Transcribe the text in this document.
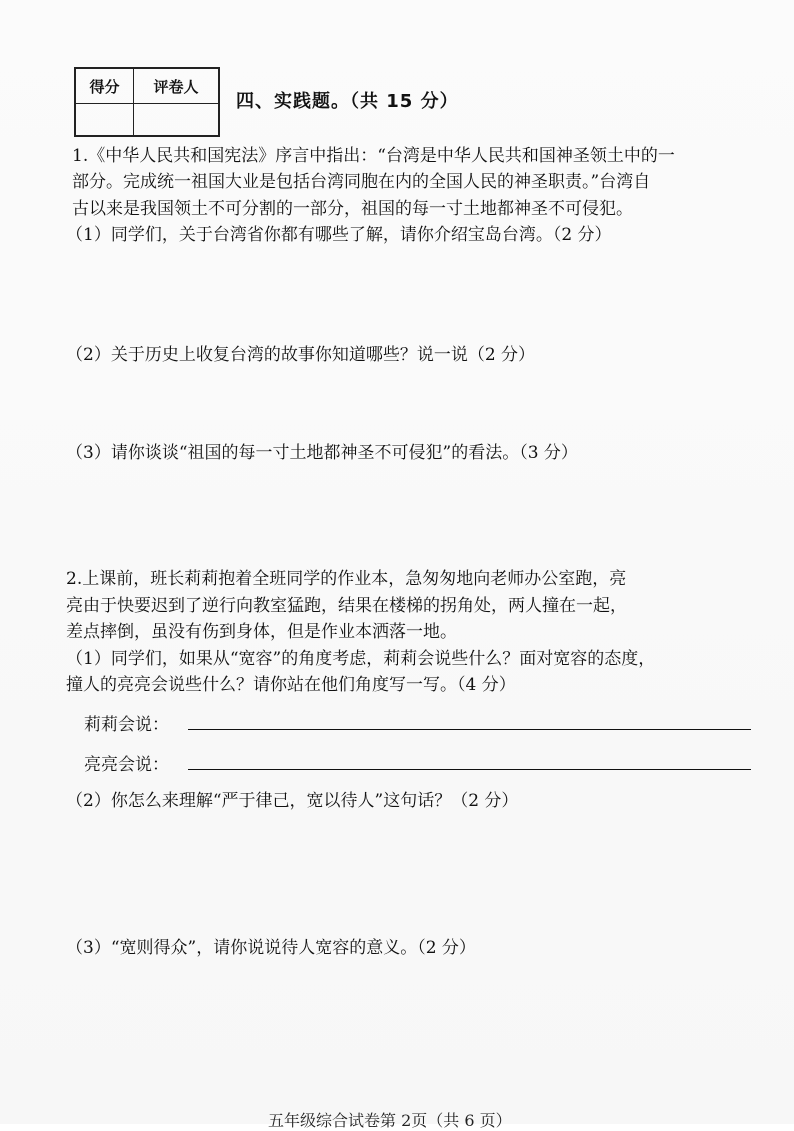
得分	评卷人
四、实践题。（共 15 分）
1.《中华人民共和国宪法》序言中指出：“台湾是中华人民共和国神圣领土中的一
部分。完成统一祖国大业是包括台湾同胞在内的全国人民的神圣职责。”台湾自
古以来是我国领土不可分割的一部分，祖国的每一寸土地都神圣不可侵犯。
（1）同学们，关于台湾省你都有哪些了解，请你介绍宝岛台湾。（2 分）
（2）关于历史上收复台湾的故事你知道哪些？说一说（2 分）
（3）请你谈谈“祖国的每一寸土地都神圣不可侵犯”的看法。（3 分）
2.上课前，班长莉莉抱着全班同学的作业本，急匆匆地向老师办公室跑，亮
亮由于快要迟到了逆行向教室猛跑，结果在楼梯的拐角处，两人撞在一起，
差点摔倒，虽没有伤到身体，但是作业本洒落一地。
（1）同学们，如果从“宽容”的角度考虑，莉莉会说些什么？面对宽容的态度，
撞人的亮亮会说些什么？请你站在他们角度写一写。（4 分）
莉莉会说：
亮亮会说：
（2）你怎么来理解“严于律己，宽以待人”这句话？（2 分）
（3）“宽则得众”，请你说说待人宽容的意义。（2 分）
五年级综合试卷第 2页（共 6 页）
